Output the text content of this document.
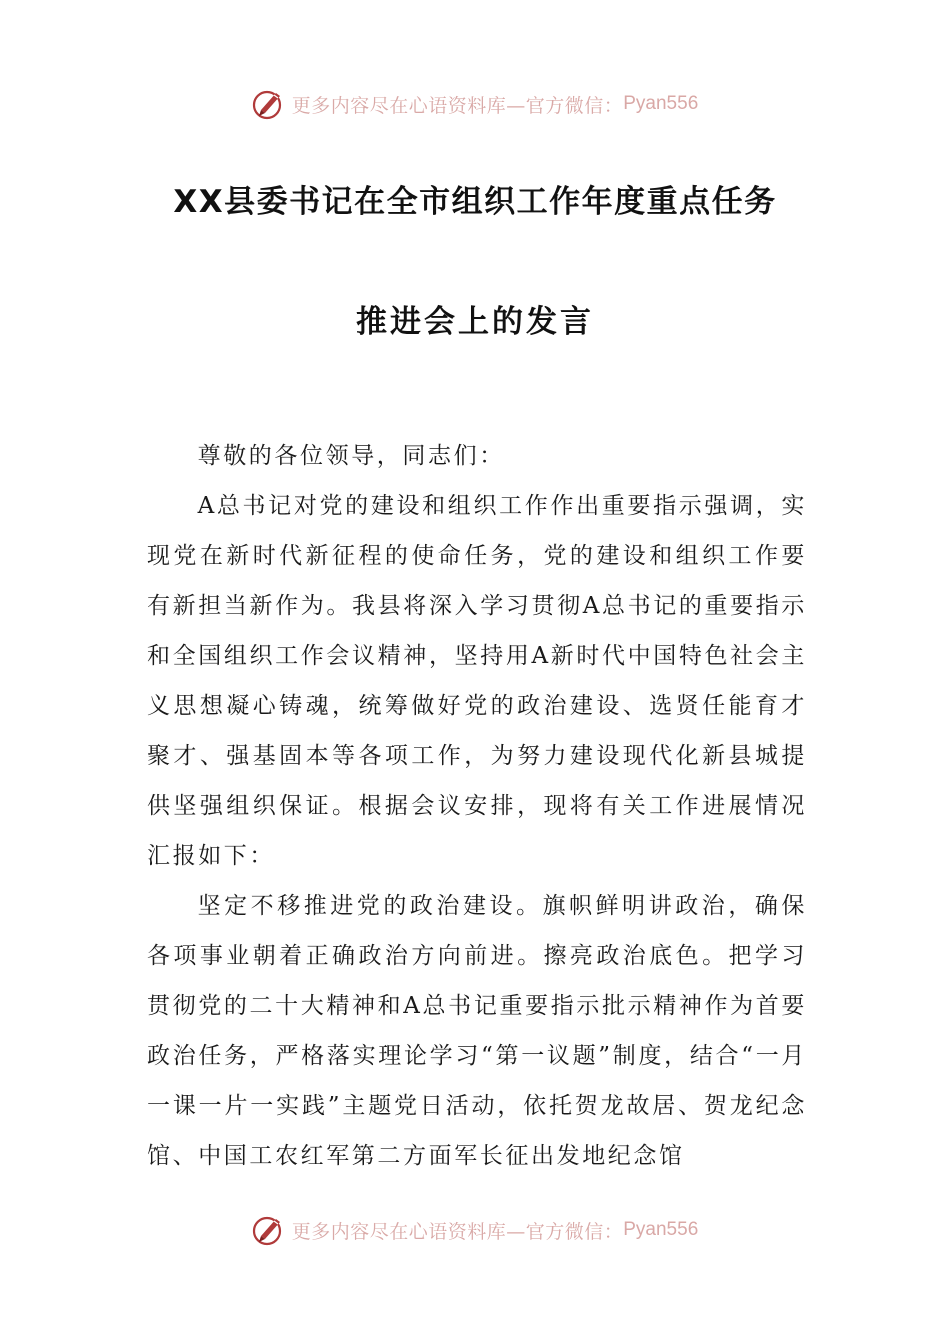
更多内容尽在心语资料库—官方微信： Pyan556
XX县委书记在全市组织工作年度重点任务
推进会上的发言

尊敬的各位领导，同志们：

A总书记对党的建设和组织工作作出重要指示强调，实现党在新时代新征程的使命任务，党的建设和组织工作要有新担当新作为。我县将深入学习贯彻A总书记的重要指示和全国组织工作会议精神，坚持用A新时代中国特色社会主义思想凝心铸魂，统筹做好党的政治建设、选贤任能育才聚才、强基固本等各项工作，为努力建设现代化新县城提供坚强组织保证。根据会议安排，现将有关工作进展情况汇报如下：

坚定不移推进党的政治建设。旗帜鲜明讲政治，确保各项事业朝着正确政治方向前进。擦亮政治底色。把学习贯彻党的二十大精神和A总书记重要指示批示精神作为首要政治任务，严格落实理论学习“第一议题”制度，结合“一月一课一片一实践”主题党日活动，依托贺龙故居、贺龙纪念馆、中国工农红军第二方面军长征出发地纪念馆

更多内容尽在心语资料库—官方微信： Pyan556
